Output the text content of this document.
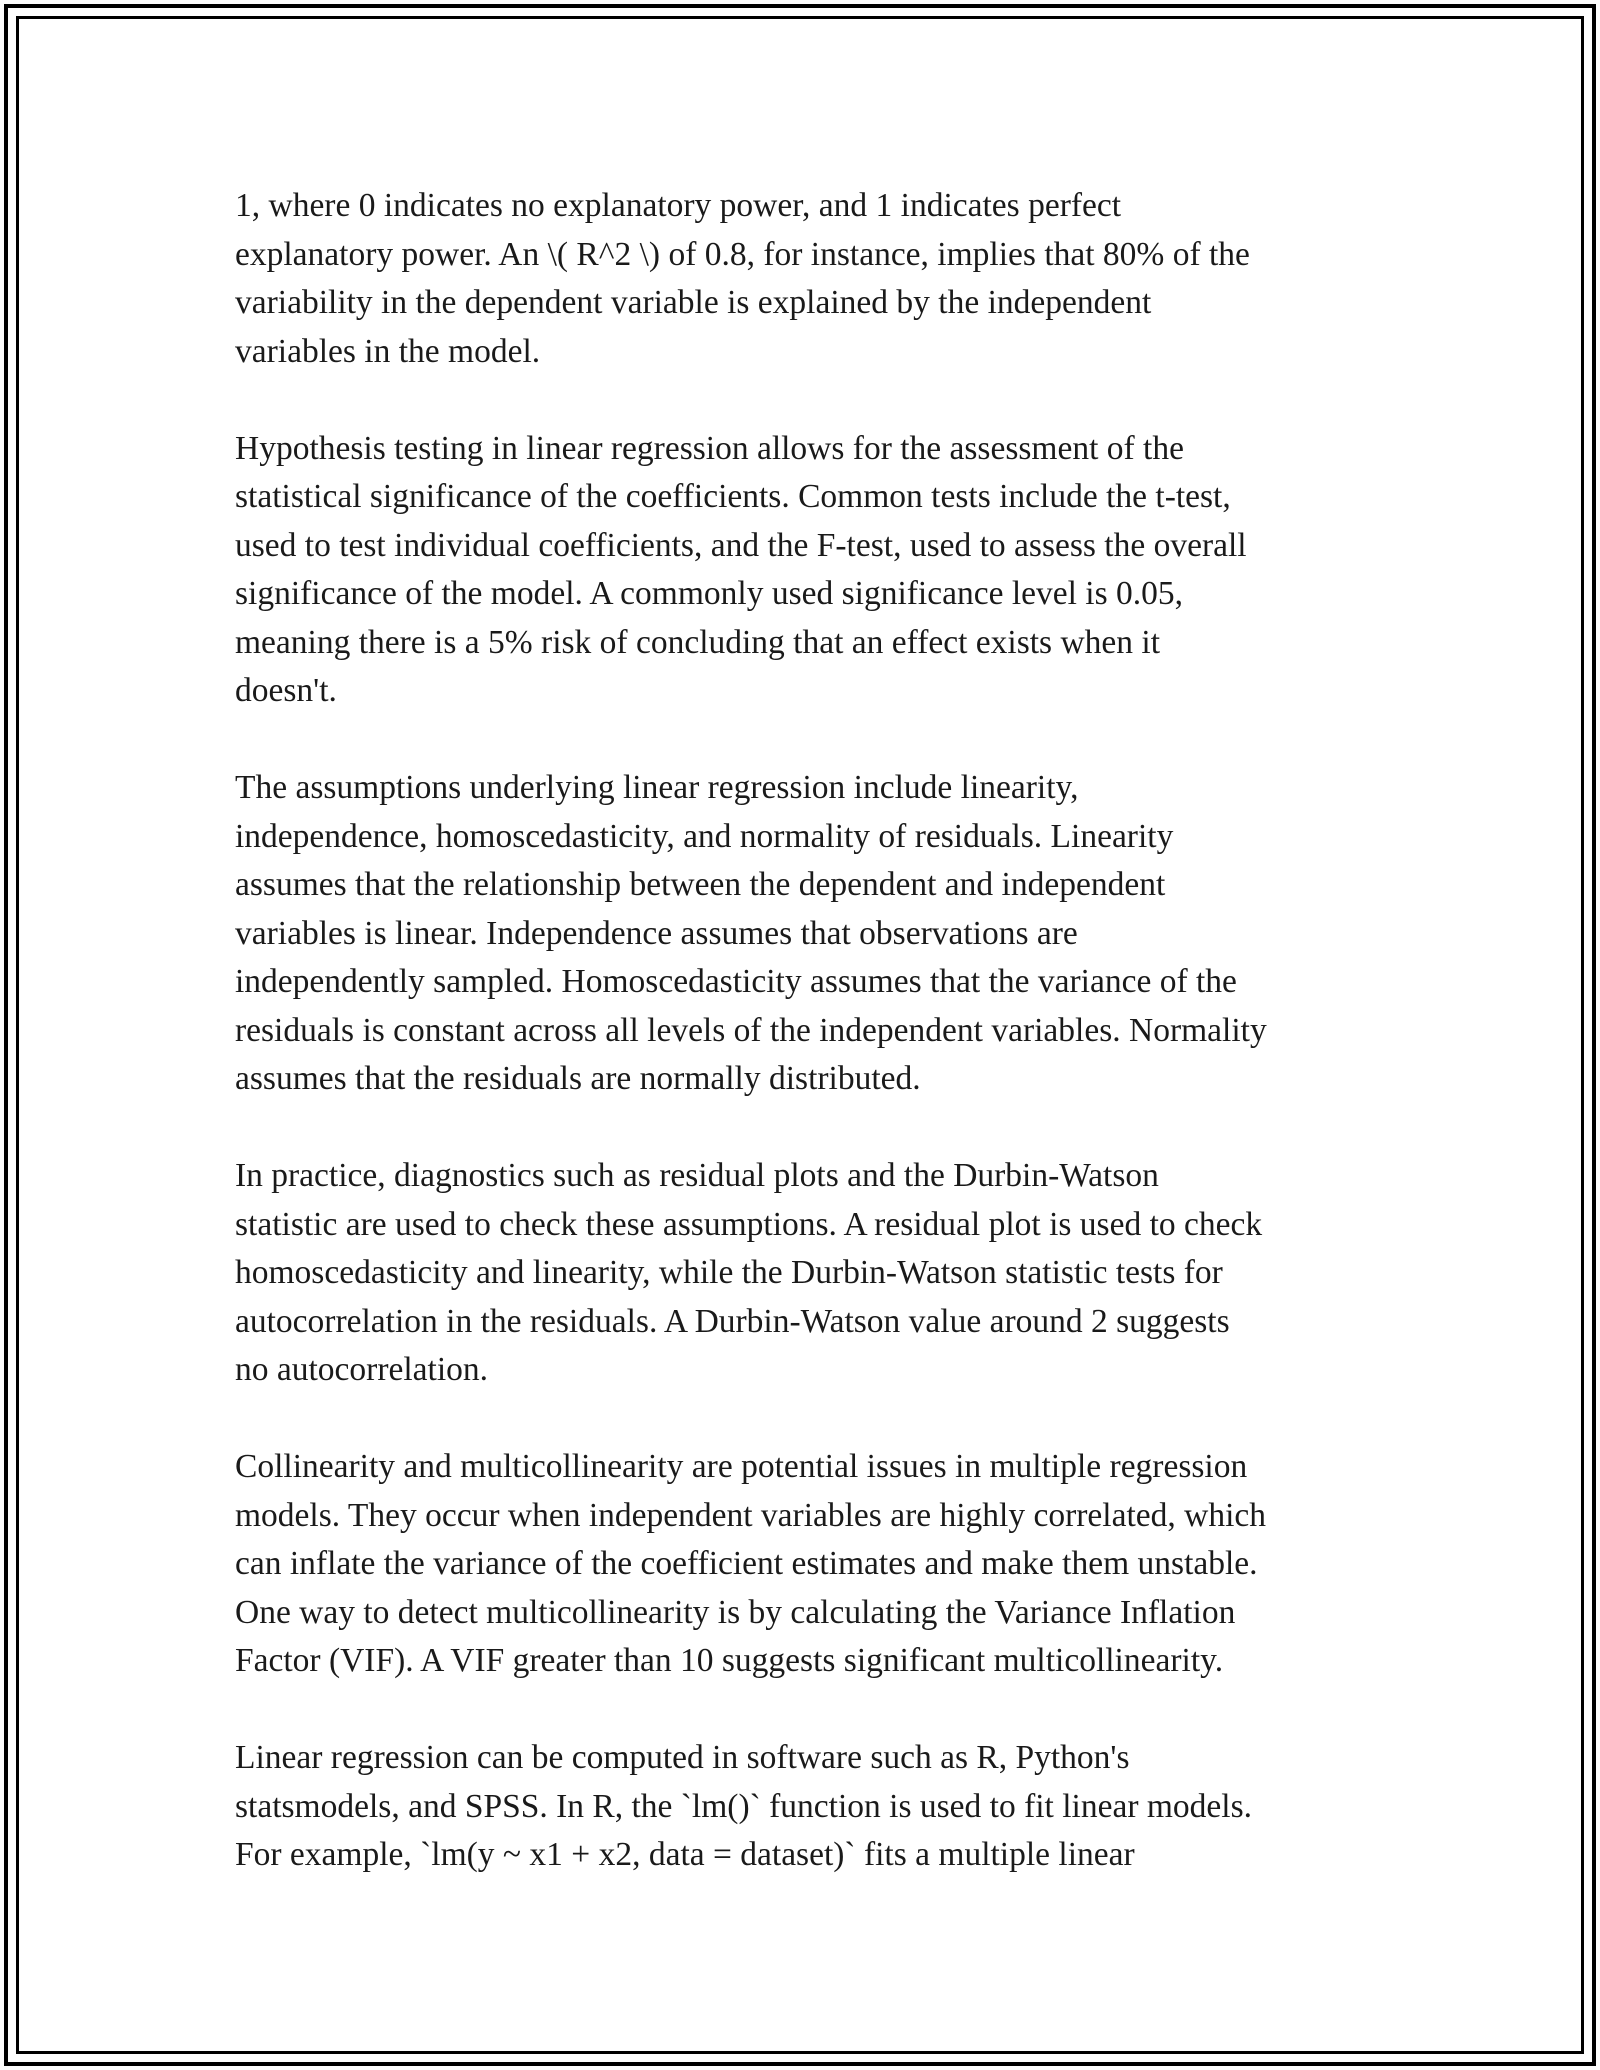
1, where 0 indicates no explanatory power, and 1 indicates perfect
explanatory power. An \( R^2 \) of 0.8, for instance, implies that 80% of the
variability in the dependent variable is explained by the independent
variables in the model.

Hypothesis testing in linear regression allows for the assessment of the
statistical significance of the coefficients. Common tests include the t-test,
used to test individual coefficients, and the F-test, used to assess the overall
significance of the model. A commonly used significance level is 0.05,
meaning there is a 5% risk of concluding that an effect exists when it
doesn't.

The assumptions underlying linear regression include linearity,
independence, homoscedasticity, and normality of residuals. Linearity
assumes that the relationship between the dependent and independent
variables is linear. Independence assumes that observations are
independently sampled. Homoscedasticity assumes that the variance of the
residuals is constant across all levels of the independent variables. Normality
assumes that the residuals are normally distributed.

In practice, diagnostics such as residual plots and the Durbin-Watson
statistic are used to check these assumptions. A residual plot is used to check
homoscedasticity and linearity, while the Durbin-Watson statistic tests for
autocorrelation in the residuals. A Durbin-Watson value around 2 suggests
no autocorrelation.

Collinearity and multicollinearity are potential issues in multiple regression
models. They occur when independent variables are highly correlated, which
can inflate the variance of the coefficient estimates and make them unstable.
One way to detect multicollinearity is by calculating the Variance Inflation
Factor (VIF). A VIF greater than 10 suggests significant multicollinearity.

Linear regression can be computed in software such as R, Python's
statsmodels, and SPSS. In R, the `lm()` function is used to fit linear models.
For example, `lm(y ~ x1 + x2, data = dataset)` fits a multiple linear
